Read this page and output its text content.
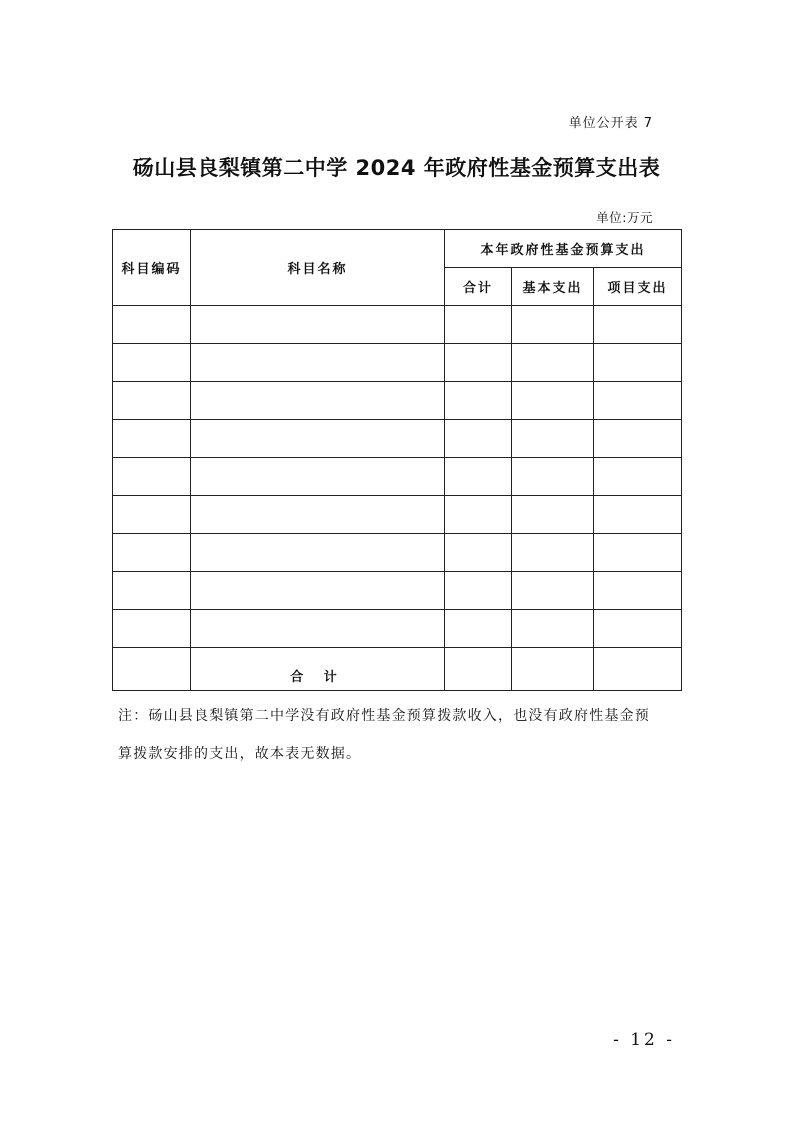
单位公开表 7
砀山县良梨镇第二中学 2024 年政府性基金预算支出表
单位:万元
科目编码	科目名称	本年政府性基金预算支出		
		合计	基本支出	项目支出

	合 计			
注：砀山县良梨镇第二中学没有政府性基金预算拨款收入，也没有政府性基金预算拨款安排的支出，故本表无数据。
- 12 -
